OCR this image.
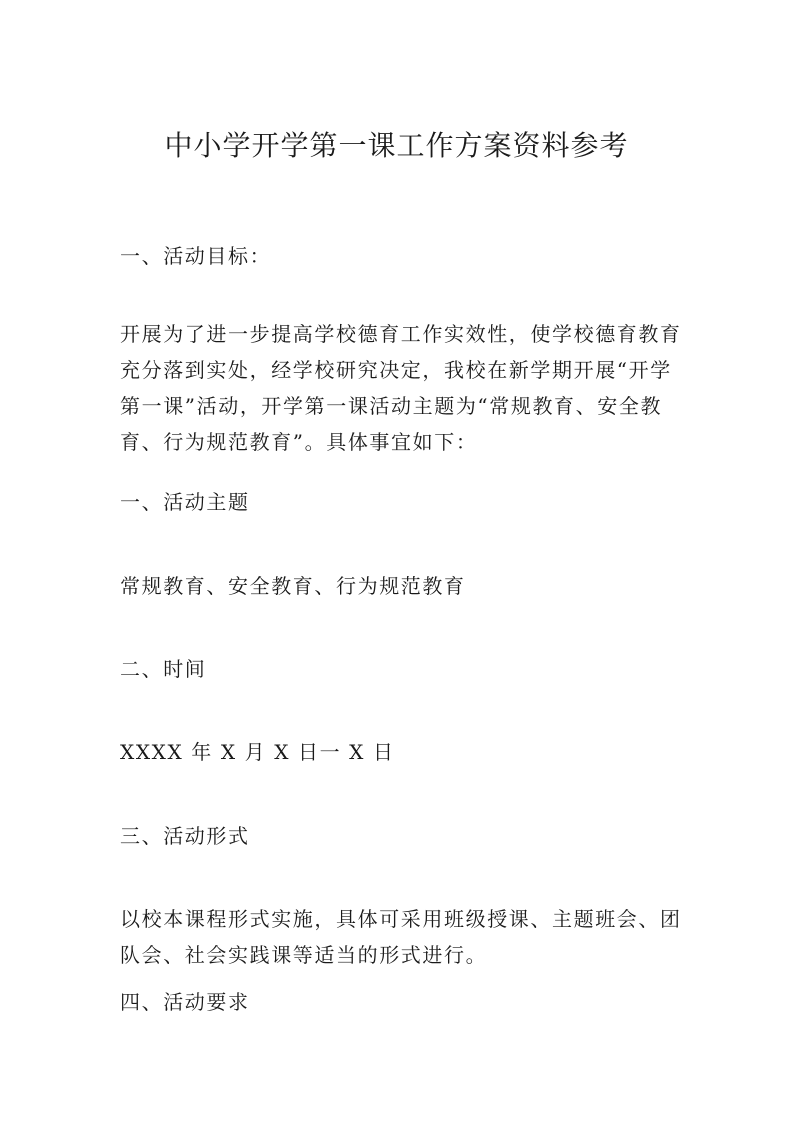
中小学开学第一课工作方案资料参考
一、活动目标：
开展为了进一步提高学校德育工作实效性，使学校德育教育
充分落到实处，经学校研究决定，我校在新学期开展“开学
第一课”活动，开学第一课活动主题为“常规教育、安全教
育、行为规范教育”。具体事宜如下：
一、活动主题
常规教育、安全教育、行为规范教育
二、时间
XXXX 年 X 月 X 日一 X 日
三、活动形式
以校本课程形式实施，具体可采用班级授课、主题班会、团
队会、社会实践课等适当的形式进行。
四、活动要求
